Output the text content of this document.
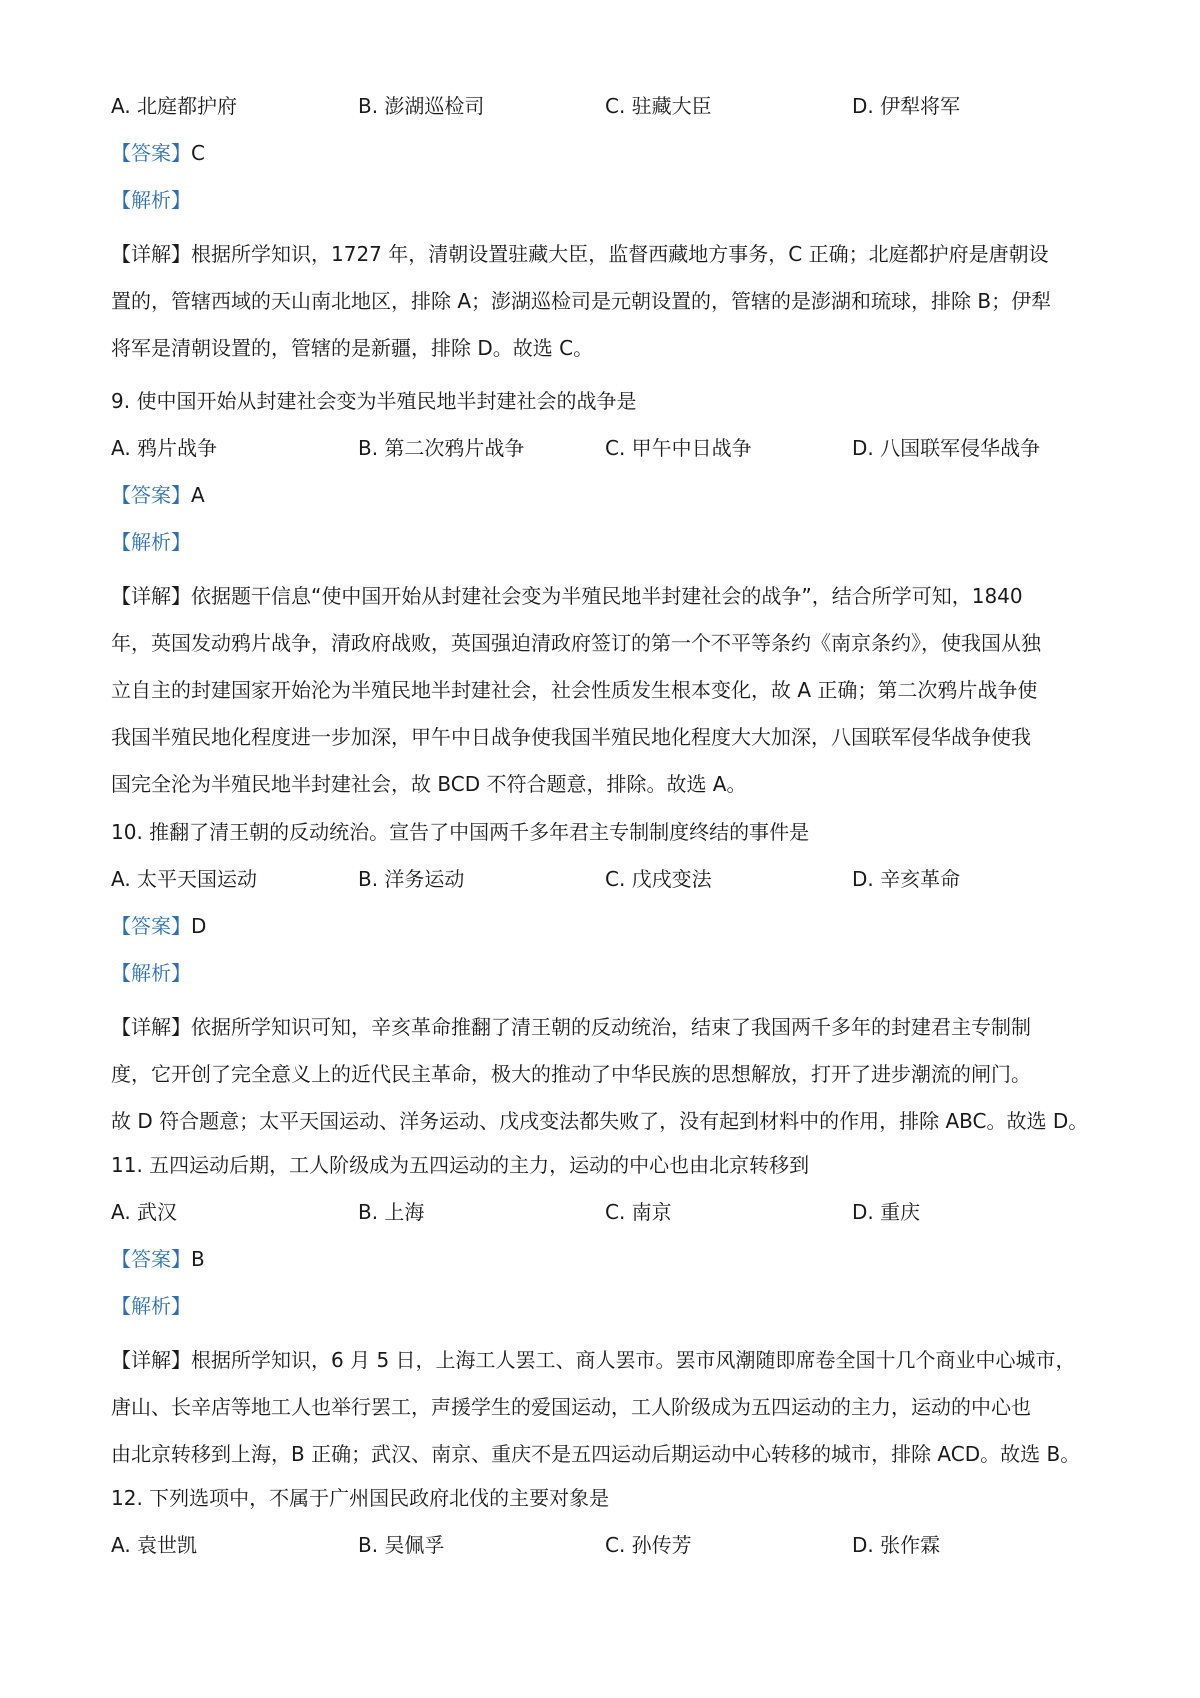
A. 北庭都护府	B. 澎湖巡检司	C. 驻藏大臣	D. 伊犁将军
【答案】C
【解析】
【详解】根据所学知识，1727 年，清朝设置驻藏大臣，监督西藏地方事务，C 正确；北庭都护府是唐朝设
置的，管辖西域的天山南北地区，排除 A；澎湖巡检司是元朝设置的，管辖的是澎湖和琉球，排除 B；伊犁
将军是清朝设置的，管辖的是新疆，排除 D。故选 C。
9. 使中国开始从封建社会变为半殖民地半封建社会的战争是
A. 鸦片战争	B. 第二次鸦片战争	C. 甲午中日战争	D. 八国联军侵华战争
【答案】A
【解析】
【详解】依据题干信息“使中国开始从封建社会变为半殖民地半封建社会的战争”，结合所学可知，1840
年，英国发动鸦片战争，清政府战败，英国强迫清政府签订的第一个不平等条约《南京条约》，使我国从独
立自主的封建国家开始沦为半殖民地半封建社会，社会性质发生根本变化，故 A 正确；第二次鸦片战争使
我国半殖民地化程度进一步加深，甲午中日战争使我国半殖民地化程度大大加深，八国联军侵华战争使我
国完全沦为半殖民地半封建社会，故 BCD 不符合题意，排除。故选 A。
10. 推翻了清王朝的反动统治。宣告了中国两千多年君主专制制度终结的事件是
A. 太平天国运动	B. 洋务运动	C. 戊戌变法	D. 辛亥革命
【答案】D
【解析】
【详解】依据所学知识可知，辛亥革命推翻了清王朝的反动统治，结束了我国两千多年的封建君主专制制
度，它开创了完全意义上的近代民主革命，极大的推动了中华民族的思想解放，打开了进步潮流的闸门。
故 D 符合题意；太平天国运动、洋务运动、戊戌变法都失败了，没有起到材料中的作用，排除 ABC。故选 D。
11. 五四运动后期，工人阶级成为五四运动的主力，运动的中心也由北京转移到
A. 武汉	B. 上海	C. 南京	D. 重庆
【答案】B
【解析】
【详解】根据所学知识，6 月 5 日，上海工人罢工、商人罢市。罢市风潮随即席卷全国十几个商业中心城市，
唐山、长辛店等地工人也举行罢工，声援学生的爱国运动，工人阶级成为五四运动的主力，运动的中心也
由北京转移到上海，B 正确；武汉、南京、重庆不是五四运动后期运动中心转移的城市，排除 ACD。故选 B。
12. 下列选项中，不属于广州国民政府北伐的主要对象是
A. 袁世凯	B. 吴佩孚	C. 孙传芳	D. 张作霖
